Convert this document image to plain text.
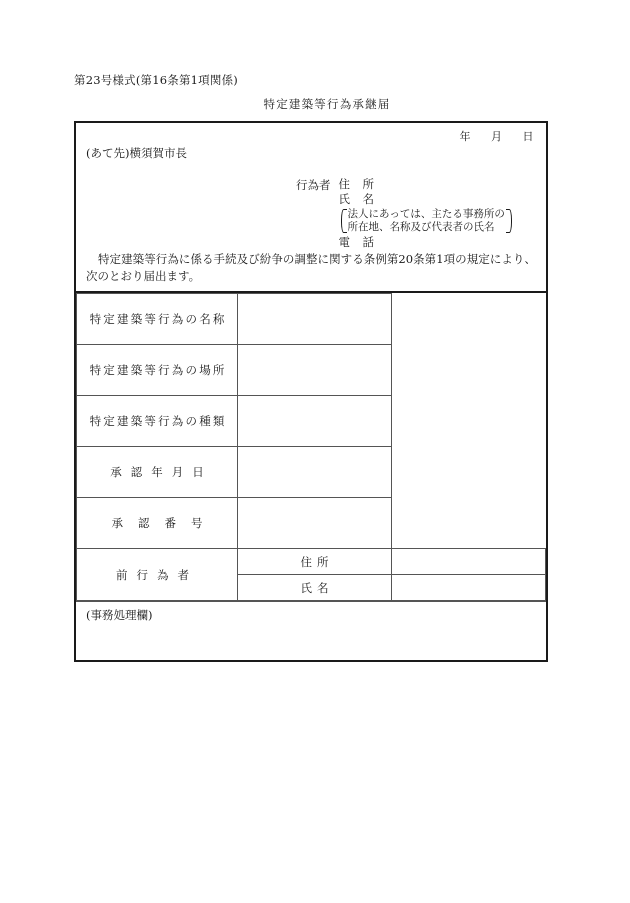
第23号様式(第16条第1項関係)
特定建築等行為承継届
年 月 日
(あて先)横須賀市長
行為者 住　所
氏　名
法人にあっては、主たる事務所の
所在地、名称及び代表者の氏名
電　話
特定建築等行為に係る手続及び紛争の調整に関する条例第20条第1項の規定により、次のとおり届出ます。
特定建築等行為の名称		

特定建築等行為の場所		

特定建築等行為の種類		

承認年月日		

承認番号		

前行為者	住所	

	氏名	

(事務処理欄)
